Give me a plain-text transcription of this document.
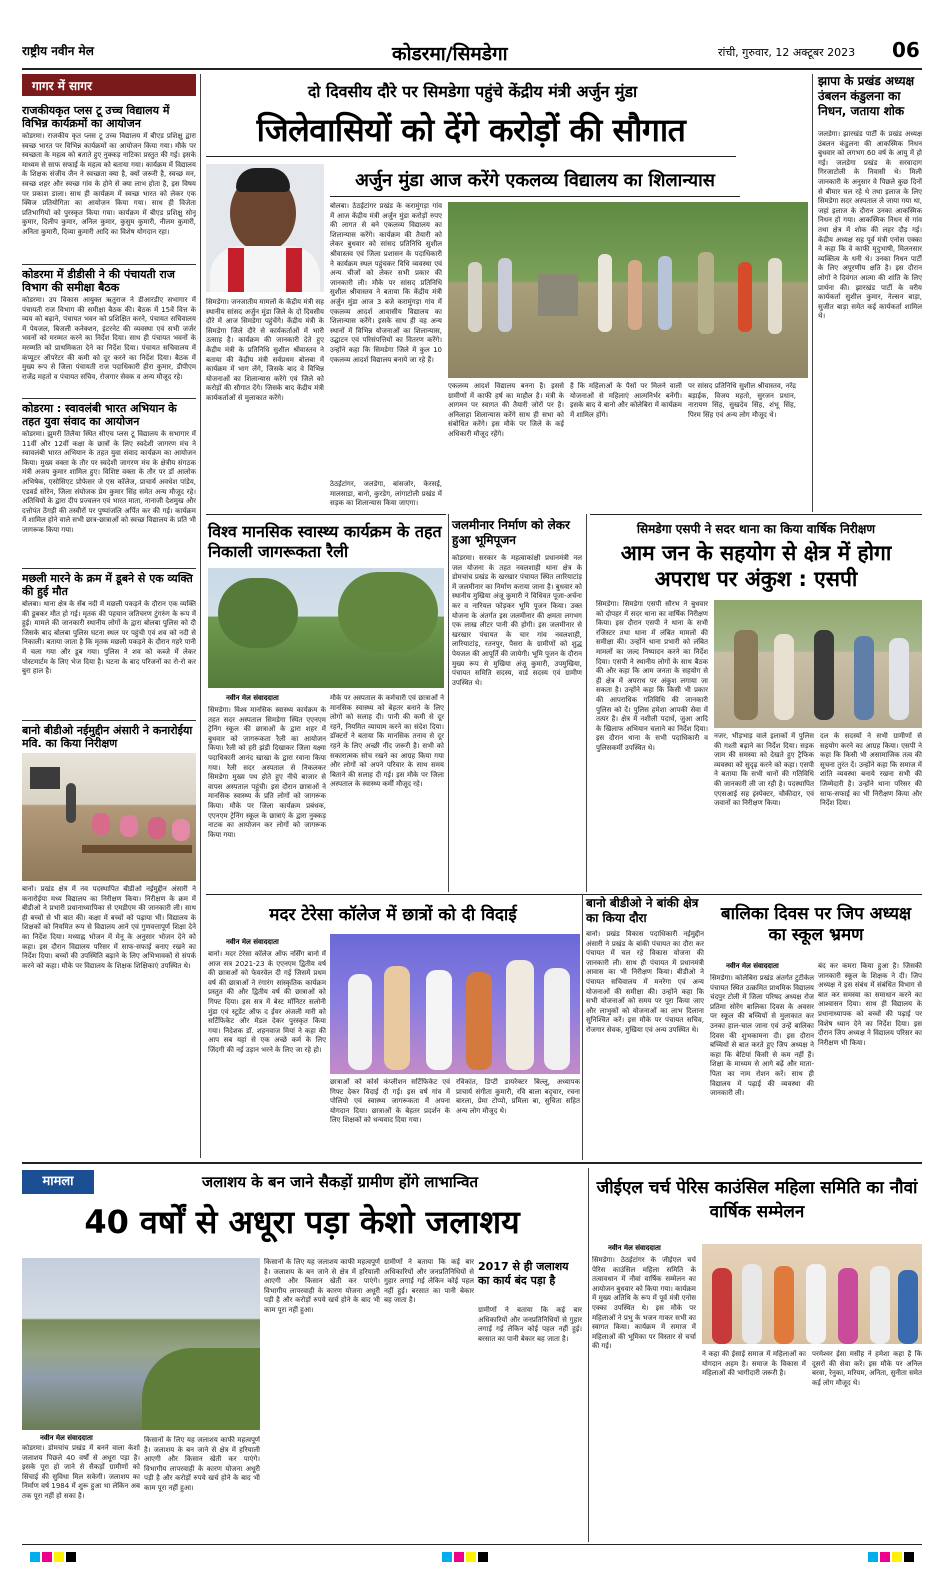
राष्ट्रीय नवीन मेल	कोडरमा/सिमडेगा	रांची, गुरुवार, 12 अक्टूबर 2023 06
गागर में सागर
राजकीयकृत प्लस टू उच्च विद्यालय में विभिन्न कार्यक्रमों का आयोजन
कोडरमा। राजकीय कृत प्लस टू उच्च विद्यालय में बीएड प्रशिक्षु द्वारा स्वच्छ भारत पर विभिन्न कार्यक्रमों का आयोजन किया गया। मौके पर स्वच्छता के महत्व को बताते हुए नुक्कड़ नाटिका प्रस्तुत की गई। इसके माध्यम से साफ सफाई के महत्व को बताया गया। कार्यक्रम में विद्यालय के शिक्षक संजीव जैन ने स्वच्छता क्या है, क्यों जरूरी है, स्वच्छ मन, स्वच्छ शहर और स्वच्छ गांव के होने से क्या लाभ होता है, इस विषय पर प्रकाश डाला। साथ ही कार्यक्रम में स्वच्छ भारत को लेकर एक क्विज प्रतियोगिता का आयोजन किया गया। साथ ही विजेता प्रतिभागियों को पुरस्कृत किया गया। कार्यक्रम में बीएड प्रशिक्षु सोनू कुमार, दिलीप कुमार, अनिल कुमार, कुसुम कुमारी, नीलम कुमारी, अनिता कुमारी, दिव्या कुमारी आदि का विशेष योगदान रहा।
कोडरमा में डीडीसी ने की पंचायती राज विभाग की समीक्षा बैठक
कोडरमा। उप विकास आयुक्त ऋतुराज ने डीआरडीए सभागार में पंचायती राज विभाग की समीक्षा बैठक की। बैठक में 15वें वित्त के व्यय को बढ़ाने, पंचायत भवन को प्रशिक्षित करने, पंचायत सचिवालय में पेयजल, बिजली कनेक्शन, इंटरनेट की व्यवस्था एवं सभी जर्जर भवनों को मरम्मत करने का निर्देश दिया। साथ ही पंचायत भवनों के मरम्मति को प्राथमिकता देने का निर्देश दिया। पंचायत सचिवालय में कंप्यूटर ऑपरेटर की कमी को दूर करने का निर्देश दिया। बैठक में मुख्य रूप से जिला पंचायती राज पदाधिकारी हीरा कुमार, डीपीएम राजेंद्र महतो व पंचायत सचिव, रोजगार सेवक व अन्य मौजूद रहे।
कोडरमा : स्वावलंबी भारत अभियान के तहत युवा संवाद का आयोजन
कोडरमा। झुमरी तिलैया स्थित सीएच प्लस टू विद्यालय के सभागार में 11वीं और 12वीं कक्षा के छात्रों के लिए स्वदेशी जागरण मंच ने स्वावलंबी भारत अभियान के तहत युवा संवाद कार्यक्रम का आयोजन किया। मुख्य वक्ता के तौर पर स्वदेशी जागरण मंच के क्षेत्रीय संगठक मंत्री अजय कुमार शामिल हुए। विशिष्ट वक्ता के तौर पर डॉ आलोक अभिषेक, एसोसिएट प्रोफेसर जे एस कॉलेज, प्राचार्य अवधेश पांडेय, एडवर्ड सोरेन, जिला संयोजक प्रेम कुमार सिंह समेत अन्य मौजूद रहे। अतिथियों के द्वारा दीप प्रज्वलन एवं भारत माता, नानाजी देशमुख और दत्तोपंत ठेंगड़ी की तस्वीरों पर पुष्पांजलि अर्पित कर की गई। कार्यक्रम में शामिल होने वाले सभी छात्र-छात्राओं को स्वच्छ विद्यालय के प्रति भी जागरूक किया गया।
मछली मारने के क्रम में डूबने से एक व्यक्ति की हुई मौत
बोलबा। थाना क्षेत्र के सेंब नदी में मछली पकड़ने के दौरान एक व्यक्ति की डूबकर मौत हो गई। मृतक की पहचान जतिचरण टुंगरुंग के रूप में हुई। मामले की जानकारी स्थानीय लोगों के द्वारा बोलबा पुलिस को दी जिसके बाद बोलबा पुलिस घटना स्थल पर पहुंची एवं शव को नदी से निकाली। बताया जाता है कि मृतक मछली पकड़ने के दौरान गहरे पानी में चला गया और डूब गया। पुलिस ने शव को कब्जे में लेकर पोस्टमार्टम के लिए भेज दिया है। घटना के बाद परिजनों का रो-रो कर बुरा हाल है।
बानो बीडीओ नईमुद्दीन अंसारी ने कनारोईया मवि. का किया निरीक्षण
बानो। प्रखंड क्षेत्र में नव पदस्थापित बीडीओ नईमुद्दीन अंसारी ने कनारोईया मध्य विद्यालय का निरीक्षण किया। निरीक्षण के क्रम में बीडीओ ने प्रभारी प्रधानाध्यापिका से एमडीएम की जानकारी ली। साथ ही बच्चों से भी बात की। कक्षा में बच्चों को पढ़ाया भी। विद्यालय के शिक्षकों को नियमित रूप से विद्यालय आने एवं गुणवत्तापूर्ण शिक्षा देने का निर्देश दिया। मध्याह्न भोजन में मेनू के अनुसार भोजन देने को कहा। इस दौरान विद्यालय परिसर में साफ-सफाई बनाए रखने का निर्देश दिया। बच्चों की उपस्थिति बढ़ाने के लिए अभिभावकों से संपर्क करने को कहा। मौके पर विद्यालय के शिक्षक शिक्षिकाएं उपस्थित थे।
दो दिवसीय दौरे पर सिमडेगा पहुंचे केंद्रीय मंत्री अर्जुन मुंडा
जिलेवासियों को देंगे करोड़ों की सौगात
अर्जुन मुंडा आज करेंगे एकलव्य विद्यालय का शिलान्यास
सिमडेगा। जनजातीय मामलों के केंद्रीय मंत्री सह स्थानीय सांसद अर्जुन मुंडा जिले के दो दिवसीय दौरे में आज सिमडेगा पहुंचेंगे। केंद्रीय मंत्री के सिमडेगा जिले दौरे से कार्यकर्ताओं में भारी उत्साह है। कार्यक्रम की जानकारी देते हुए केंद्रीय मंत्री के प्रतिनिधि सुशील श्रीवास्तव ने बताया की केंद्रीय मंत्री सर्वप्रथम बोलबा में कार्यक्रम में भाग लेंगे, जिसके बाद वे विभिन्न योजनाओं का शिलान्यास करेंगे एवं जिले को करोड़ों की सौगात देंगे। जिसके बाद केंद्रीय मंत्री कार्यकर्ताओं से मुलाकात करेंगे।
बोलबा। ठेठईटांगर प्रखंड के करामुंगड़ा गांव में आज केंद्रीय मंत्री अर्जुन मुंडा करोड़ों रुपए की लागत से बने एकलव्य विद्यालय का शिलान्यास करेंगे। कार्यक्रम की तैयारी को लेकर बुधवार को सांसद प्रतिनिधि सुशील श्रीवास्तव एवं जिला प्रशासन के पदाधिकारी ने कार्यक्रम स्थल पहुंचकर विधि व्यवस्था एवं अन्य चीजों को लेकर सभी प्रकार की जानकारी ली। मौके पर सांसद प्रतिनिधि सुशील श्रीवास्तव ने बताया कि केंद्रीय मंत्री अर्जुन मुंडा आज 3 बजे करामुंगड़ा गांव में एकलव्य आदर्श आवासीय विद्यालय का शिलान्यास करेंगे। इसके साथ ही वह अन्य स्थानों में विभिन्न योजनाओं का शिलान्यास, उद्घाटन एवं परिसंपत्तियों का वितरण करेंगे। उन्होंने कहा कि सिमडेगा जिले में कुल 10 एकलव्य आदर्श विद्यालय बनाये जा रहे हैं।
ठेठईटांगर, जलडेगा, बांसजोर, केरसई, मालसाडा, बानो, कुरडेग, लांगाटोली प्रखंड में सड़क का शिलान्यास किया जाएगा।
एकलव्य आदर्श विद्यालय बनना है। इससे ग्रामीणों में काफी हर्ष का माहौल है। मंत्री के आगमन पर स्वागत की तैयारी जोरों पर है। अनिलाहा शिलान्यास करेंगे साथ ही सभा को संबोधित करेंगे। इस मौके पर जिले के कई अधिकारी मौजूद रहेंगे।
है कि महिलाओं के पैसों पर मिलने वाली योजनाओं से महिलाएं आत्मनिर्भर बनेंगी। इसके बाद वे बानो और कोलेबिरा में कार्यक्रम में शामिल होंगे।
पर सांसद प्रतिनिधि सुशील श्रीवास्तव, नरेंद्र बड़ाईक, विजय महतो, सुरजन प्रधान, नारायण सिंह, सुखदेव सिंह, शंभू सिंह, पिरम सिंह एवं अन्य लोग मौजूद थे।
झापा के प्रखंड अध्यक्ष उंबलन कंडुलना का निधन, जताया शोक
जलडेगा। झारखंड पार्टी के प्रखंड अध्यक्ष उंबलन कंडुलना की आकस्मिक निधन बुधवार को लगभग 60 वर्ष के आयु में हो गई। जलडेगा प्रखंड के सरवादाग गिरजाटोली के निवासी थे। मिली जानकारी के अनुसार वे पिछले कुछ दिनों से बीमार चल रहे थे तथा इलाज के लिए सिमडेगा सदर अस्पताल ले जाया गया था, जहां इलाज के दौरान उनका आकस्मिक निधन हो गया। आकस्मिक निधन से गांव तथा क्षेत्र में शोक की लहर दौड़ गई। केंद्रीय अध्यक्ष सह पूर्व मंत्री एनोस एक्का ने कहा कि वे काफी मृदुभाषी, मिलनसार व्यक्तित्व के धनी थे। उनका निधन पार्टी के लिए अपूरणीय क्षति है। इस दौरान लोगों ने दिवंगत आत्मा की शांति के लिए प्रार्थना की। झारखंड पार्टी के वरीय कार्यकर्ता सुशील कुमार, नेल्सन बाड़ा, सुजीत बाड़ा समेत कई कार्यकर्ता शामिल थे।
सिमडेगा एसपी ने सदर थाना का किया वार्षिक निरीक्षण
आम जन के सहयोग से क्षेत्र में होगा अपराध पर अंकुश : एसपी
सिमडेगा। सिमडेगा एसपी सौरभ ने बुधवार को दोपहर में सदर थाना का वार्षिक निरीक्षण किया। इस दौरान एसपी ने थाना के सभी रजिस्टर तथा थाना में लंबित मामलों की समीक्षा की। उन्होंने थाना प्रभारी को लंबित मामलों का जल्द निष्पादन करने का निर्देश दिया। एसपी ने स्थानीय लोगों के साथ बैठक की और कहा कि आम जनता के सहयोग से ही क्षेत्र में अपराध पर अंकुश लगाया जा सकता है। उन्होंने कहा कि किसी भी प्रकार की आपराधिक गतिविधि की जानकारी पुलिस को दें। पुलिस हमेशा आपकी सेवा में तत्पर है। क्षेत्र में नशीली पदार्थ, जुआ आदि के खिलाफ अभियान चलाने का निर्देश दिया। इस दौरान थाना के सभी पदाधिकारी व पुलिसकर्मी उपस्थित थे।
नजर, भीड़भाड़ वाले इलाकों में पुलिस की गश्ती बढ़ाने का निर्देश दिया। सड़क जाम की समस्या को देखते हुए ट्रैफिक व्यवस्था को सुदृढ़ करने को कहा। एसपी ने बताया कि सभी थानों की गतिविधि की जानकारी ली जा रही है। पदस्थापित एएसआई सह इंस्पेक्टर, चौकीदार, एवं जवानों का निरीक्षण किया।
दल के सदस्यों ने सभी ग्रामीणों से सहयोग करने का आग्रह किया। एसपी ने कहा कि किसी भी असामाजिक तत्व की सूचना तुरंत दें। उन्होंने कहा कि समाज में शांति व्यवस्था बनाये रखना सभी की जिम्मेदारी है। उन्होंने थाना परिसर की साफ-सफाई का भी निरीक्षण किया और निर्देश दिया।
विश्व मानसिक स्वास्थ्य कार्यक्रम के तहत निकाली जागरूकता रैली
नवीन मेल संवाददाता
सिमडेगा। विश्व मानसिक स्वास्थ्य कार्यक्रम के तहत सदर अस्पताल सिमडेगा स्थित एएनएम ट्रेनिंग स्कूल की छात्राओं के द्वारा शहर में बुधवार को जागरूकता रैली का आयोजन किया। रैली को हरी झंडी दिखाकर जिला यक्ष्मा पदाधिकारी आनंद खाखा के द्वारा रवाना किया गया। रैली सदर अस्पताल से निकलकर सिमडेगा मुख्य पथ होते हुए नीचे बाजार से वापस अस्पताल पहुंची। इस दौरान छात्राओं ने मानसिक स्वास्थ्य के प्रति लोगों को जागरूक किया। मौके पर जिला कार्यक्रम प्रबंधक, एएनएम ट्रेनिंग स्कूल के छात्राएं के द्वारा नुक्कड़ नाटक का आयोजन कर लोगों को जागरूक किया गया।
मौके पर अस्पताल के कर्मचारी एवं छात्राओं ने मानसिक स्वास्थ्य को बेहतर बनाने के लिए लोगों को सलाह दी। पानी की कमी से दूर रहने, नियमित व्यायाम करने का संदेश दिया। डॉक्टरों ने बताया कि मानसिक तनाव से दूर रहने के लिए अच्छी नींद जरूरी है। सभी को सकारात्मक सोच रखने का आग्रह किया गया और लोगों को अपने परिवार के साथ समय बिताने की सलाह दी गई। इस मौके पर जिला अस्पताल के स्वास्थ्य कर्मी मौजूद रहे।
जलमीनार निर्माण को लेकर हुआ भूमिपूजन
कोडरमा। सरकार के महत्वाकांक्षी प्रधानमंत्री नल जल योजना के तहत नवलशाही थाना क्षेत्र के डोमचांच प्रखंड के खरखार पंचायत स्थित लारियाटांड़ में जलमीनार का निर्माण कराया जाना है। बुधवार को स्थानीय मुखिया अंजू कुमारी ने विधिवत पूजा-अर्चना कर व नारियल फोड़कर भूमि पूजन किया। उक्त योजना के अंतर्गत इस जलमीनार की क्षमता लगभग एक लाख लीटर पानी की होगी। इस जलमीनार से खरखार पंचायत के चार गांव नवलशाही, लारियाटांड़, रतनपुर, पैसरा के ग्रामीणों को शुद्ध पेयजल की आपूर्ति की जायेगी। भूमि पूजन के दौरान मुख्य रूप से मुखिया अंजू कुमारी, उपमुखिया, पंचायत समिति सदस्य, वार्ड सदस्य एवं ग्रामीण उपस्थित थे।
मदर टेरेसा कॉलेज में छात्रों को दी विदाई
नवीन मेल संवाददाता
बानो। मदर टेरेसा कॉलेज ऑफ नर्सिंग बानो में आज सत्र 2021-23 के एएनएम द्वितीय वर्ष की छात्राओं को फेयरवेल दी गई जिसमें प्रथम वर्ष की छात्राओं ने रंगारंग सांस्कृतिक कार्यक्रम प्रस्तुत की और द्वितीय वर्ष की छात्राओं को गिफ्ट दिया। इस सत्र में बेस्ट मॉनिटर सलोनी मुंडा एवं स्टूडेंट ऑफ द ईयर अंजली मारी को सर्टिफिकेट और मेडल देकर पुरस्कृत किया गया। निदेशक डॉ. शहनवाज मियां ने कहा की आप सब यहां से एक अच्छे कर्म के लिए जिंदगी की नई उड़ान भरने के लिए जा रहे हो।
छात्राओं को कोर्स कंप्लीशन सर्टिफिकेट एवं गिफ्ट देकर विदाई दी गई। इस वर्ष गांव में पोलियो एवं स्वास्थ्य जागरूकता में अपना योगदान दिया। छात्राओं के बेहतर प्रदर्शन के लिए शिक्षकों को धन्यवाद दिया गया।
रविकांत, डिप्टी डायरेक्टर बिल्लू, अध्यापक प्राचार्य संगीता कुमारी, रवि बाला बदृचार, रचना बारला, प्रेमा टोप्पो, प्रमिला बा, सुचिता सहित अन्य लोग मौजूद थे।
बानो बीडीओ ने बांकी क्षेत्र का किया दौरा
बानो। प्रखंड विकास पदाधिकारी नईमुद्दीन अंसारी ने प्रखंड के बांकी पंचायत का दौरा कर पंचायत में चल रहे विकास योजना की जानकारी ली। साथ ही पंचायत में प्रधानमंत्री आवास का भी निरीक्षण किया। बीडीओ ने पंचायत सचिवालय में मनरेगा एवं अन्य योजनाओं की समीक्षा की। उन्होंने कहा कि सभी योजनाओं को समय पर पूरा किया जाए और लाभुकों को योजनाओं का लाभ दिलाना सुनिश्चित करें। इस मौके पर पंचायत सचिव, रोजगार सेवक, मुखिया एवं अन्य उपस्थित थे।
बालिका दिवस पर जिप अध्यक्ष का स्कूल भ्रमण
नवीन मेल संवाददाता
सिमडेगा। कोलेबिरा प्रखंड अंतर्गत टुटीकेल पंचायत स्थित उत्क्रमित प्राथमिक विद्यालय चंदपुर टोली में जिला परिषद अध्यक्ष रोज प्रतिमा सोरेंग बालिका दिवस के अवसर पर स्कूल की बच्चियों से मुलाकात कर उनका हाल-चाल जाना एवं उन्हें बालिका दिवस की शुभकामना दी। इस दौरान बच्चियों से बात करते हुए जिप अध्यक्ष ने कहा कि बेटियां किसी से कम नहीं हैं। शिक्षा के माध्यम से आगे बढ़ें और माता-पिता का नाम रोशन करें। साथ ही विद्यालय में पढ़ाई की व्यवस्था की जानकारी ली।
बंद कर कमरा किया हुआ है। जिसकी जानकारी स्कूल के शिक्षक ने दी। जिप अध्यक्ष ने इस संबंध में संबंधित विभाग से बात कर समस्या का समाधान करने का आश्वासन दिया। साथ ही विद्यालय के प्रधानाध्यापक को बच्चों की पढ़ाई पर विशेष ध्यान देने का निर्देश दिया। इस दौरान जिप अध्यक्ष ने विद्यालय परिसर का निरीक्षण भी किया।
मामला	जलाशय के बन जाने सैकड़ों ग्रामीण होंगे लाभान्वित
40 वर्षों से अधूरा पड़ा केशो जलाशय
नवीन मेल संवाददाता
कोडरमा। डोमचांच प्रखंड में बनने वाला केशो जलाशय पिछले 40 वर्षों से अधूरा पड़ा है। इसके पूरा हो जाने से सैकड़ों ग्रामीणों को सिंचाई की सुविधा मिल सकेगी। जलाशय का निर्माण वर्ष 1984 में शुरू हुआ था लेकिन अब तक पूरा नहीं हो सका है।
किसानों के लिए यह जलाशय काफी महत्वपूर्ण है। जलाशय के बन जाने से क्षेत्र में हरियाली आएगी और किसान खेती कर पाएंगे। विभागीय लापरवाही के कारण योजना अधूरी पड़ी है और करोड़ों रुपये खर्च होने के बाद भी काम पूरा नहीं हुआ।
किसानों के लिए यह जलाशय काफी महत्वपूर्ण है। जलाशय के बन जाने से क्षेत्र में हरियाली आएगी और किसान खेती कर पाएंगे। विभागीय लापरवाही के कारण योजना अधूरी पड़ी है और करोड़ों रुपये खर्च होने के बाद भी काम पूरा नहीं हुआ।
ग्रामीणों ने बताया कि कई बार अधिकारियों और जनप्रतिनिधियों से गुहार लगाई गई लेकिन कोई पहल नहीं हुई। बरसात का पानी बेकार बह जाता है।
2017 से ही जलाशय का कार्य बंद पड़ा है
ग्रामीणों ने बताया कि कई बार अधिकारियों और जनप्रतिनिधियों से गुहार लगाई गई लेकिन कोई पहल नहीं हुई। बरसात का पानी बेकार बह जाता है।
जीईएल चर्च पेरिस काउंसिल महिला समिति का नौवां वार्षिक सम्मेलन
नवीन मेल संवाददाता
सिमडेगा। ठेठईटांगर के जीईएल चर्च पेरिस काउंसिल महिला समिति के तत्वावधान में नौवां वार्षिक सम्मेलन का आयोजन बुधवार को किया गया। कार्यक्रम में मुख्य अतिथि के रूप में पूर्व मंत्री एनोस एक्का उपस्थित थे। इस मौके पर महिलाओं ने प्रभु के भजन गाकर सभी का स्वागत किया। कार्यक्रम में समाज में महिलाओं की भूमिका पर विस्तार से चर्चा की गई।
ने कहा की ईसाई समाज में महिलाओं का योगदान अहम है। समाज के विकास में महिलाओं की भागीदारी जरूरी है।
परमेश्वर ईसा मसीह ने हमेशा कहा है कि दूसरों की सेवा करें। इस मौके पर अनिल बरवा, रेनुका, मरियम, अनिता, सुनीता समेत कई लोग मौजूद थे।
